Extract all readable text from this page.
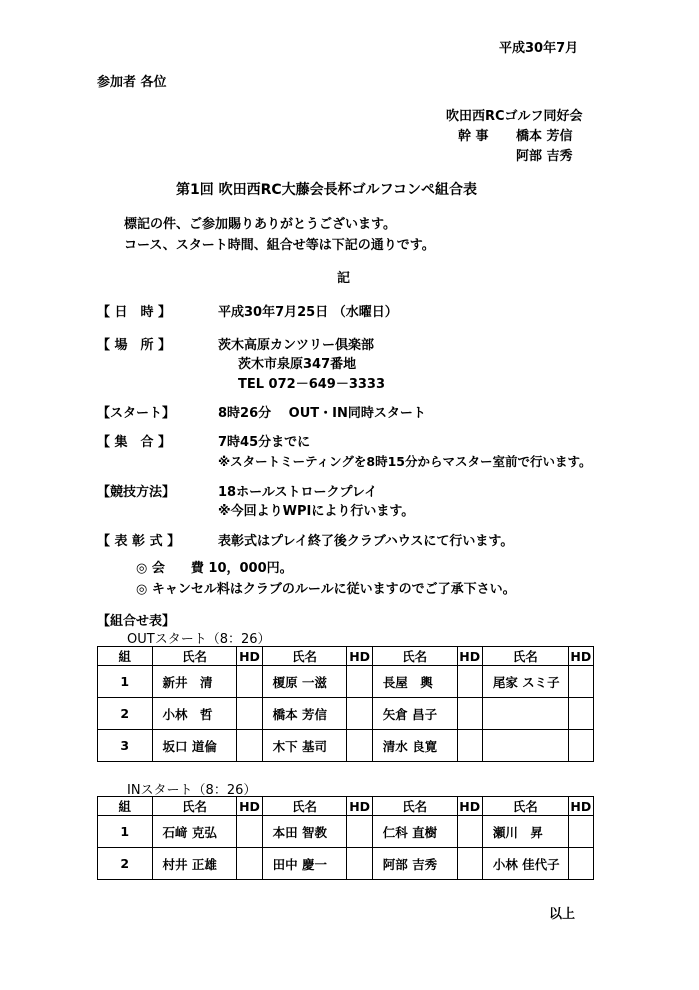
平成30年7月
参加者 各位
吹田西RCゴルフ同好会
幹 事 橋本 芳信
阿部 吉秀
第1回 吹田西RC大藤会長杯ゴルフコンペ組合表
標記の件、ご参加賜りありがとうございます。
コース、スタート時間、組合せ等は下記の通りです。
記
【 日　時 】	平成30年7月25日 （水曜日）
【 場　所 】	茨木高原カンツリー倶楽部
茨木市泉原347番地
TEL 072－649－3333
【スタート】	8時26分　 OUT・IN同時スタート
【 集　合 】	7時45分までに
※スタートミーティングを8時15分からマスター室前で行います。
【競技方法】	18ホールストロークプレイ
※今回よりWPIにより行います。
【 表 彰 式 】	表彰式はプレイ終了後クラブハウスにて行います。
◎ 会　　費 10，000円。
◎ キャンセル料はクラブのルールに従いますのでご了承下さい。
【組合せ表】
OUTスタート（8：26）
組	氏名	HD	氏名	HD	氏名	HD	氏名	HD
1	新井　清		榎原 一滋		長屋　輿		尾家 スミ子	
2	小林　哲		橋本 芳信		矢倉 昌子			
3	坂口 道倫		木下 基司		清水 良寛			
INスタート（8：26）
組	氏名	HD	氏名	HD	氏名	HD	氏名	HD
1	石﨑 克弘		本田 智教		仁科 直樹		瀬川　昇	
2	村井 正雄		田中 慶一		阿部 吉秀		小林 佳代子	
以上
